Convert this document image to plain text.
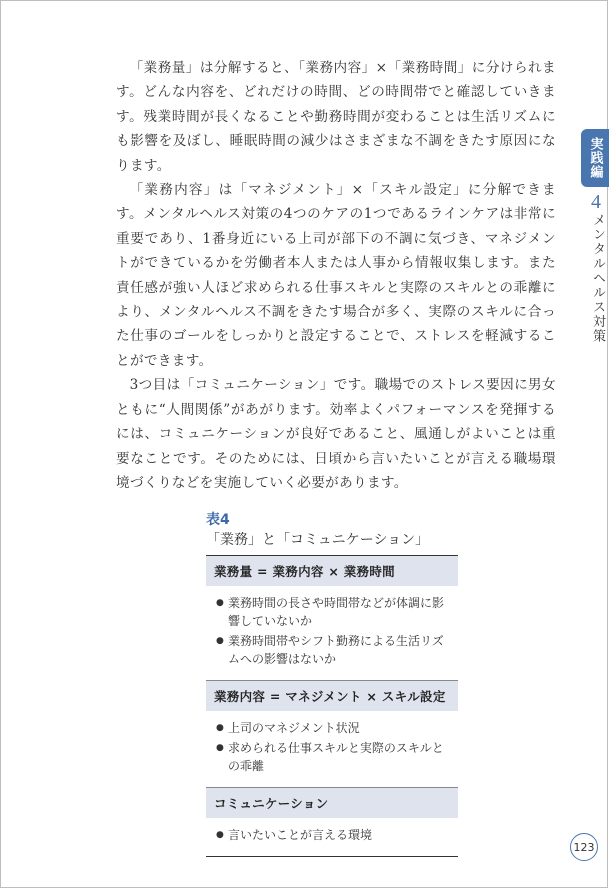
「業務量」は分解すると、「業務内容」×「業務時間」に分けられます。どんな内容を、どれだけの時間、どの時間帯でと確認していきます。残業時間が長くなることや勤務時間が変わることは生活リズムにも影響を及ぼし、睡眠時間の減少はさまざまな不調をきたす原因になります。

「業務内容」は「マネジメント」×「スキル設定」に分解できます。メンタルヘルス対策の4つのケアの1つであるラインケアは非常に重要であり、1番身近にいる上司が部下の不調に気づき、マネジメントができているかを労働者本人または人事から情報収集します。また責任感が強い人ほど求められる仕事スキルと実際のスキルとの乖離により、メンタルヘルス不調をきたす場合が多く、実際のスキルに合った仕事のゴールをしっかりと設定することで、ストレスを軽減することができます。

3つ目は「コミュニケーション」です。職場でのストレス要因に男女ともに“人間関係”があがります。効率よくパフォーマンスを発揮するには、コミュニケーションが良好であること、風通しがよいことは重要なことです。そのためには、日頃から言いたいことが言える職場環境づくりなどを実施していく必要があります。

実践編
4
メンタルヘルス対策
表4「業務」と「コミュニケーション」
業務量 = 業務内容 × 業務時間
● 業務時間の長さや時間帯などが体調に影響していないか
● 業務時間帯やシフト勤務による生活リズムへの影響はないか
業務内容 = マネジメント × スキル設定
● 上司のマネジメント状況
● 求められる仕事スキルと実際のスキルとの乖離
コミュニケーション
● 言いたいことが言える環境
123
